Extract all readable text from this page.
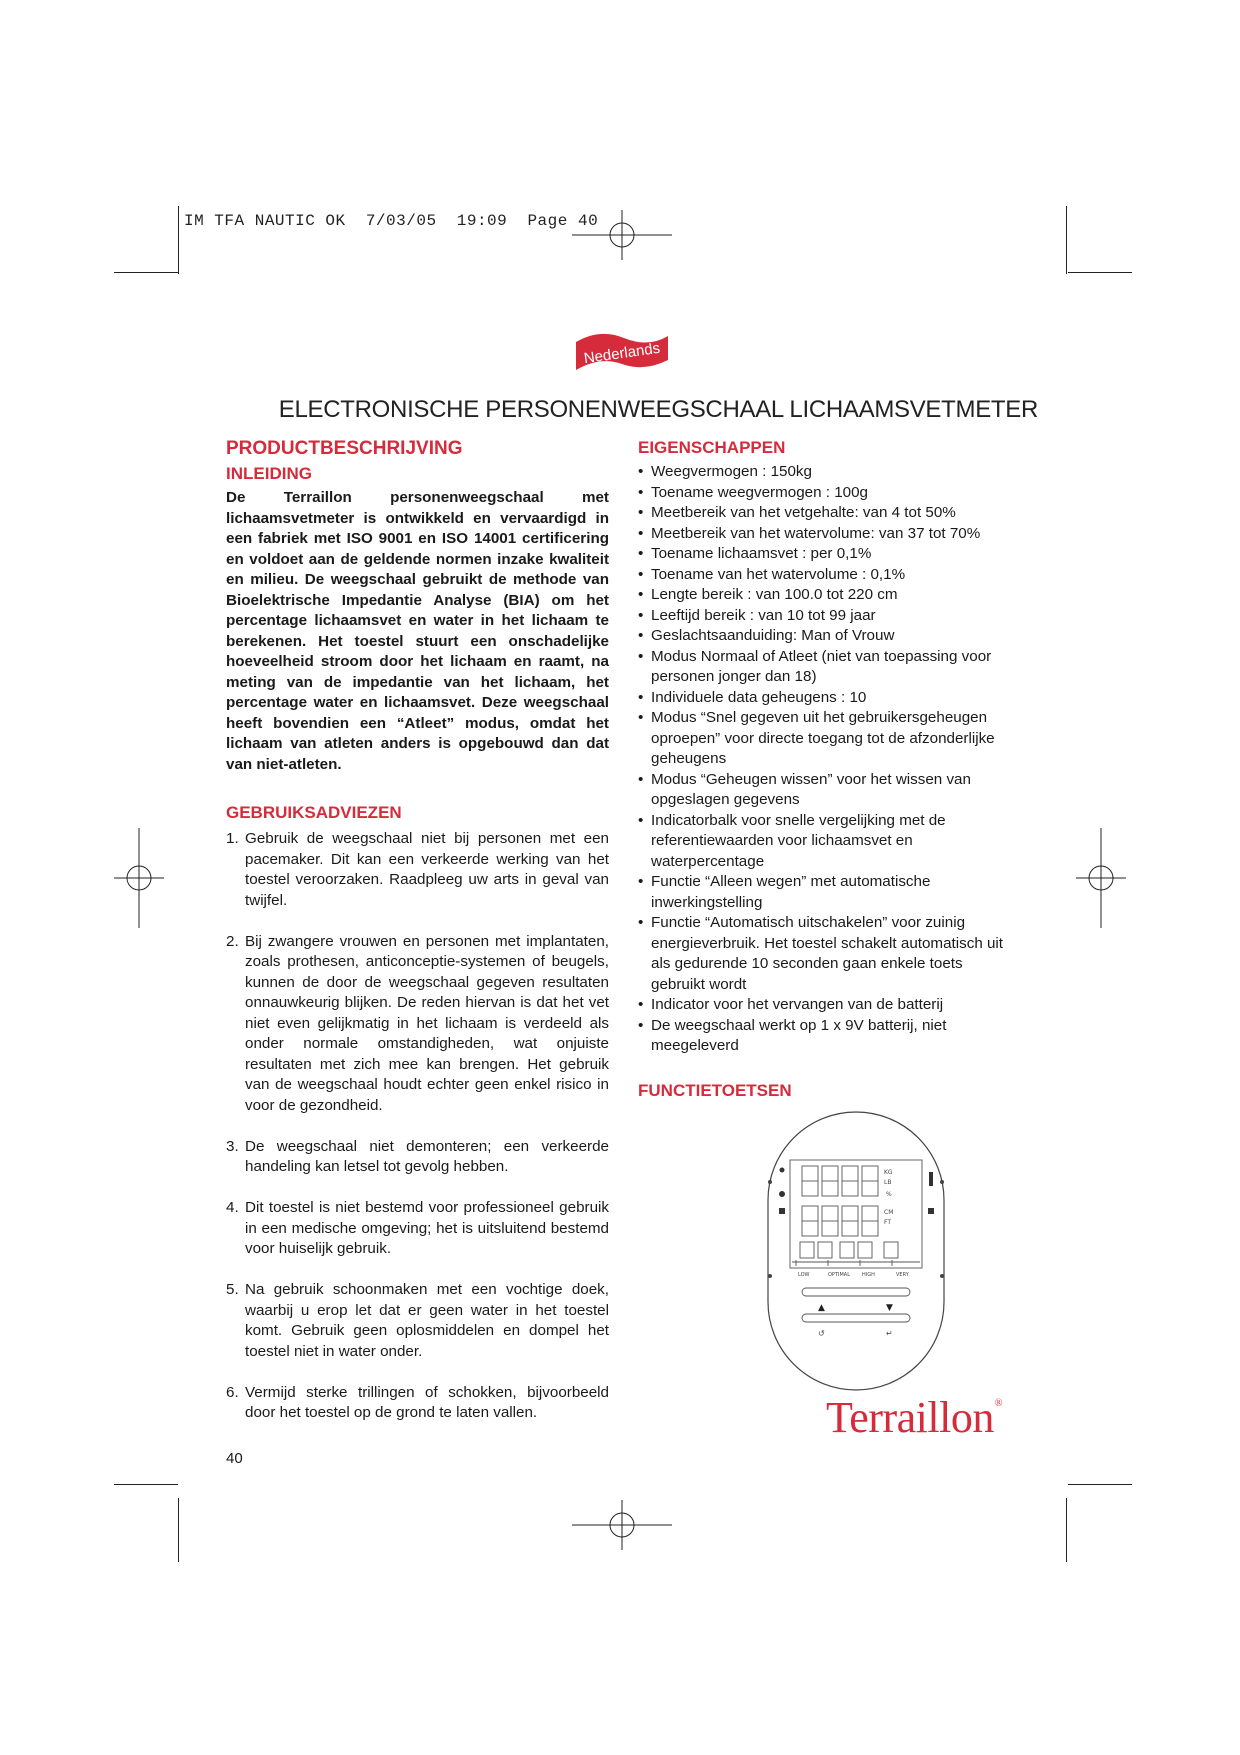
IM TFA NAUTIC OK  7/03/05  19:09  Page 40
Nederlands
ELECTRONISCHE PERSONENWEEGSCHAAL LICHAAMSVETMETER
PRODUCTBESCHRIJVING
INLEIDING

De Terraillon personenweegschaal met lichaamsvetmeter is ontwikkeld en vervaardigd in een fabriek met ISO 9001 en ISO 14001 certificering en voldoet aan de geldende normen inzake kwaliteit en milieu. De weegschaal gebruikt de methode van Bioelektrische Impedantie Analyse (BIA) om het percentage lichaamsvet en water in het lichaam te berekenen. Het toestel stuurt een onschadelijke hoeveelheid stroom door het lichaam en raamt, na meting van de impedantie van het lichaam, het percentage water en lichaamsvet. Deze weegschaal heeft bovendien een “Atleet” modus, omdat het lichaam van atleten anders is opgebouwd dan dat van niet-atleten.

GEBRUIKSADVIEZEN
1. Gebruik de weegschaal niet bij personen met een pacemaker. Dit kan een verkeerde werking van het toestel veroorzaken. Raadpleeg uw arts in geval van twijfel.
2. Bij zwangere vrouwen en personen met implantaten, zoals prothesen, anticonceptie-systemen of beugels, kunnen de door de weegschaal gegeven resultaten onnauwkeurig blijken. De reden hiervan is dat het vet niet even gelijkmatig in het lichaam is verdeeld als onder normale omstandigheden, wat onjuiste resultaten met zich mee kan brengen. Het gebruik van de weegschaal houdt echter geen enkel risico in voor de gezondheid.
3. De weegschaal niet demonteren; een verkeerde handeling kan letsel tot gevolg hebben.
4. Dit toestel is niet bestemd voor professioneel gebruik in een medische omgeving; het is uitsluitend bestemd voor huiselijk gebruik.
5. Na gebruik schoonmaken met een vochtige doek, waarbij u erop let dat er geen water in het toestel komt. Gebruik geen oplosmiddelen en dompel het toestel niet in water onder.
6. Vermijd sterke trillingen of schokken, bijvoorbeeld door het toestel op de grond te laten vallen.
EIGENSCHAPPEN
• Weegvermogen : 150kg
• Toename weegvermogen : 100g
• Meetbereik van het vetgehalte: van 4 tot 50%
• Meetbereik van het watervolume: van 37 tot 70%
• Toename lichaamsvet : per 0,1%
• Toename van het watervolume : 0,1%
• Lengte bereik : van 100.0 tot 220 cm
• Leeftijd bereik : van 10 tot 99 jaar
• Geslachtsaanduiding: Man of Vrouw
• Modus Normaal of Atleet (niet van toepassing voor personen jonger dan 18)
• Individuele data geheugens : 10
• Modus “Snel gegeven uit het gebruikersgeheugen oproepen” voor directe toegang tot de afzonderlijke geheugens
• Modus “Geheugen wissen” voor het wissen van opgeslagen gegevens
• Indicatorbalk voor snelle vergelijking met de referentiewaarden voor lichaamsvet en waterpercentage
• Functie “Alleen wegen” met automatische inwerkingstelling
• Functie “Automatisch uitschakelen” voor zuinig energieverbruik. Het toestel schakelt automatisch uit als gedurende 10 seconden gaan enkele toets gebruikt wordt
• Indicator voor het vervangen van de batterij
• De weegschaal werkt op 1 x 9V batterij, niet meegeleverd
FUNCTIETOETSEN
KG
LB
%
CM
FT
LOW	OPTIMAL HIGH	VERY
▲	▼
↺	↵
Terraillon®
40
